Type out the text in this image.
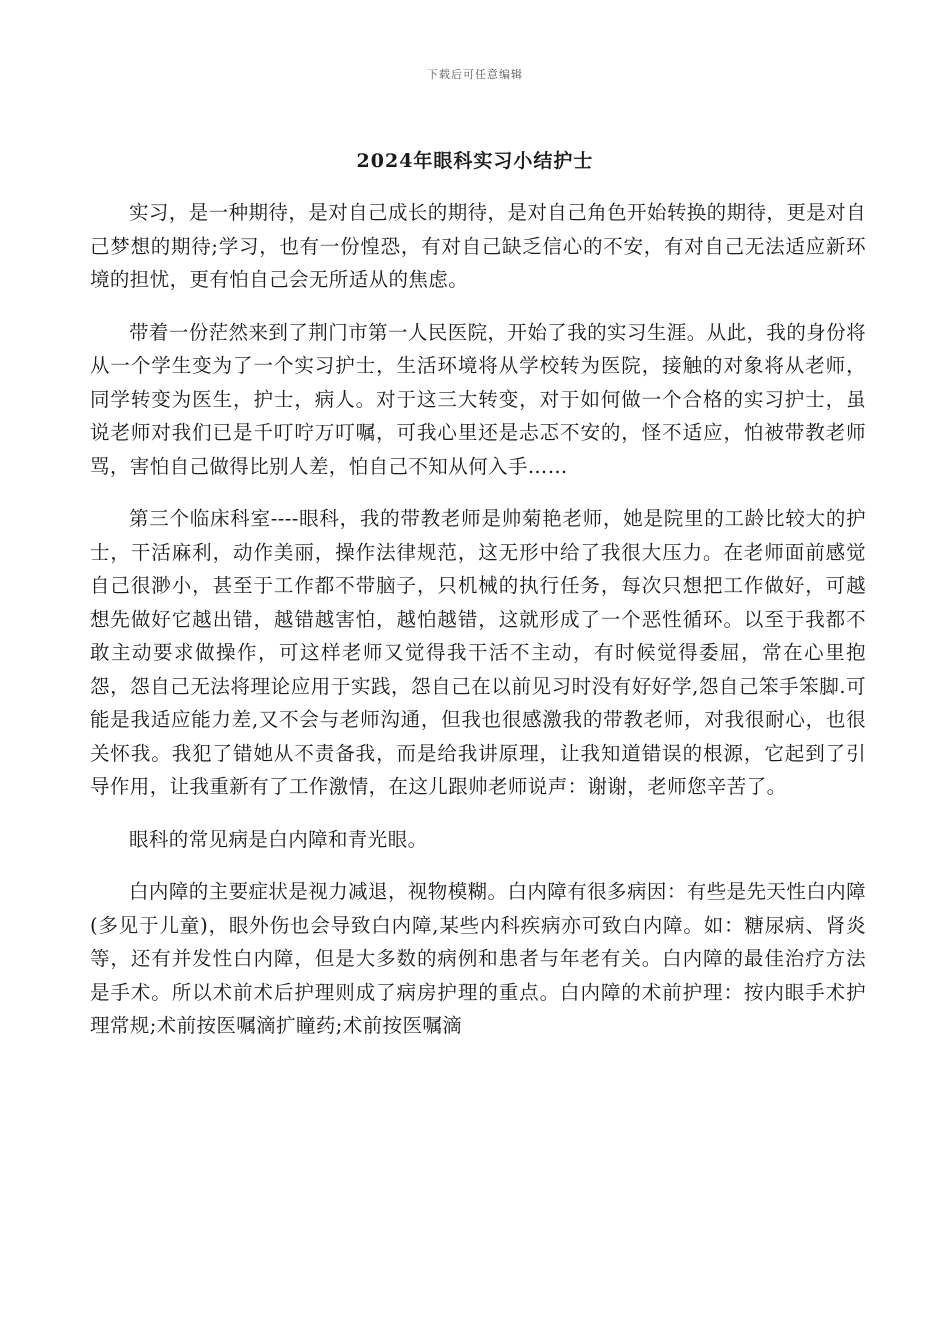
下载后可任意编辑
2024年眼科实习小结护士

实习，是一种期待，是对自己成长的期待，是对自己角色开始转换的期待，更是对自己梦想的期待;学习，也有一份惶恐，有对自己缺乏信心的不安，有对自己无法适应新环境的担忧，更有怕自己会无所适从的焦虑。

带着一份茫然来到了荆门市第一人民医院，开始了我的实习生涯。从此，我的身份将从一个学生变为了一个实习护士，生活环境将从学校转为医院，接触的对象将从老师，同学转变为医生，护士，病人。对于这三大转变，对于如何做一个合格的实习护士，虽说老师对我们已是千叮咛万叮嘱，可我心里还是忐忑不安的，怪不适应，怕被带教老师骂，害怕自己做得比别人差，怕自己不知从何入手……

第三个临床科室----眼科，我的带教老师是帅菊艳老师，她是院里的工龄比较大的护士，干活麻利，动作美丽，操作法律规范，这无形中给了我很大压力。在老师面前感觉自己很渺小，甚至于工作都不带脑子，只机械的执行任务，每次只想把工作做好，可越想先做好它越出错，越错越害怕，越怕越错，这就形成了一个恶性循环。以至于我都不敢主动要求做操作，可这样老师又觉得我干活不主动，有时候觉得委屈，常在心里抱怨，怨自己无法将理论应用于实践，怨自己在以前见习时没有好好学,怨自己笨手笨脚.可能是我适应能力差,又不会与老师沟通，但我也很感激我的带教老师，对我很耐心，也很关怀我。我犯了错她从不责备我，而是给我讲原理，让我知道错误的根源，它起到了引导作用，让我重新有了工作激情，在这儿跟帅老师说声：谢谢，老师您辛苦了。

眼科的常见病是白内障和青光眼。

白内障的主要症状是视力减退，视物模糊。白内障有很多病因：有些是先天性白内障(多见于儿童)，眼外伤也会导致白内障,某些内科疾病亦可致白内障。如：糖尿病、肾炎等，还有并发性白内障，但是大多数的病例和患者与年老有关。白内障的最佳治疗方法是手术。所以术前术后护理则成了病房护理的重点。白内障的术前护理：按内眼手术护理常规;术前按医嘱滴扩瞳药;术前按医嘱滴
